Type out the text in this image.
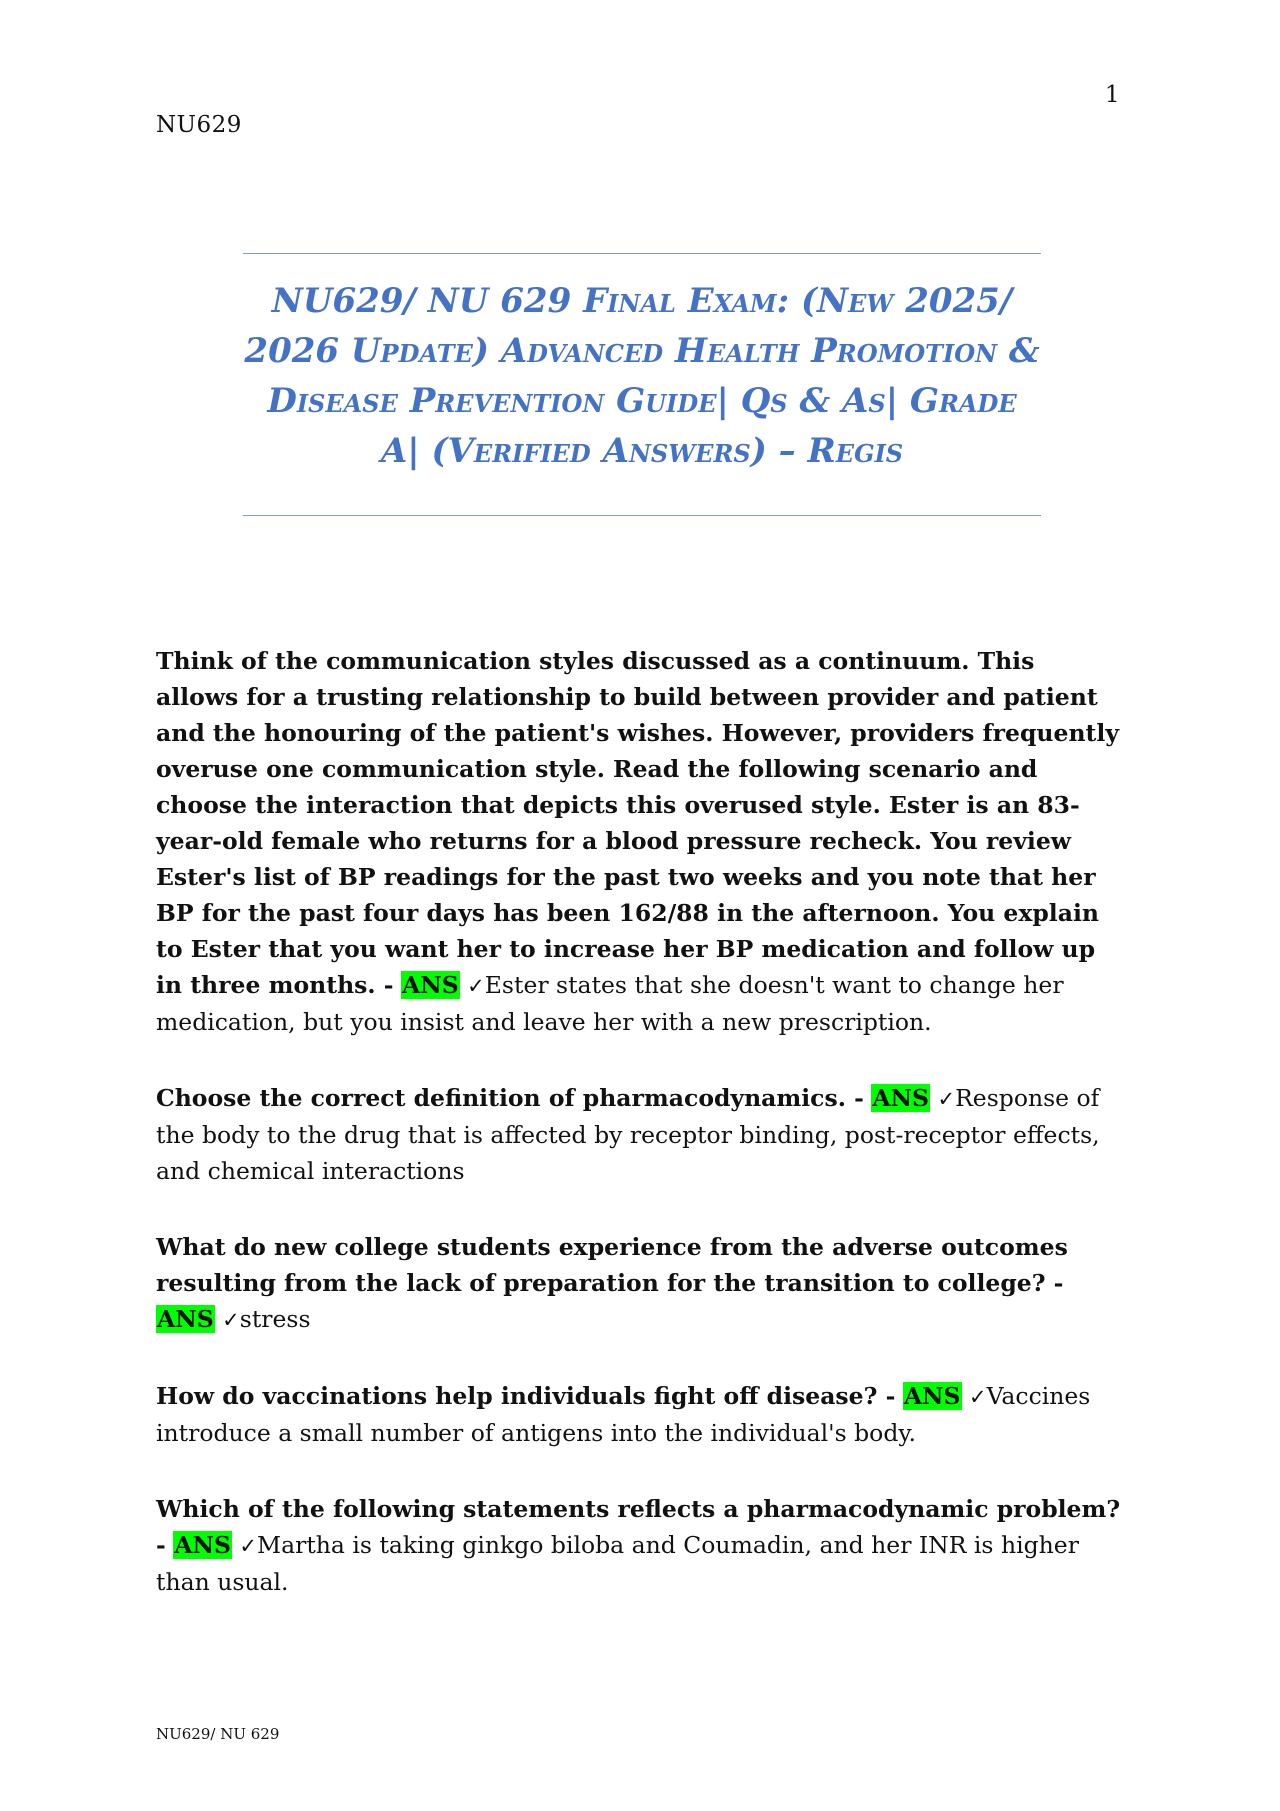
1
NU629
NU629/ NU 629 Final Exam: (New 2025/ 2026 Update) Advanced Health Promotion & Disease Prevention Guide| Qs & As| Grade A| (Verified Answers) – Regis

Think of the communication styles discussed as a continuum. This allows for a trusting relationship to build between provider and patient and the honouring of the patient's wishes. However, providers frequently overuse one communication style. Read the following scenario and choose the interaction that depicts this overused style. Ester is an 83-year-old female who returns for a blood pressure recheck. You review Ester's list of BP readings for the past two weeks and you note that her BP for the past four days has been 162/88 in the afternoon. You explain to Ester that you want her to increase her BP medication and follow up in three months. - ANS ✓Ester states that she doesn't want to change her medication, but you insist and leave her with a new prescription.

Choose the correct definition of pharmacodynamics. - ANS ✓Response of the body to the drug that is affected by receptor binding, post-receptor effects, and chemical interactions

What do new college students experience from the adverse outcomes resulting from the lack of preparation for the transition to college? - ANS ✓stress

How do vaccinations help individuals fight off disease? - ANS ✓Vaccines introduce a small number of antigens into the individual's body.

Which of the following statements reflects a pharmacodynamic problem? - ANS ✓Martha is taking ginkgo biloba and Coumadin, and her INR is higher than usual.

NU629/ NU 629
